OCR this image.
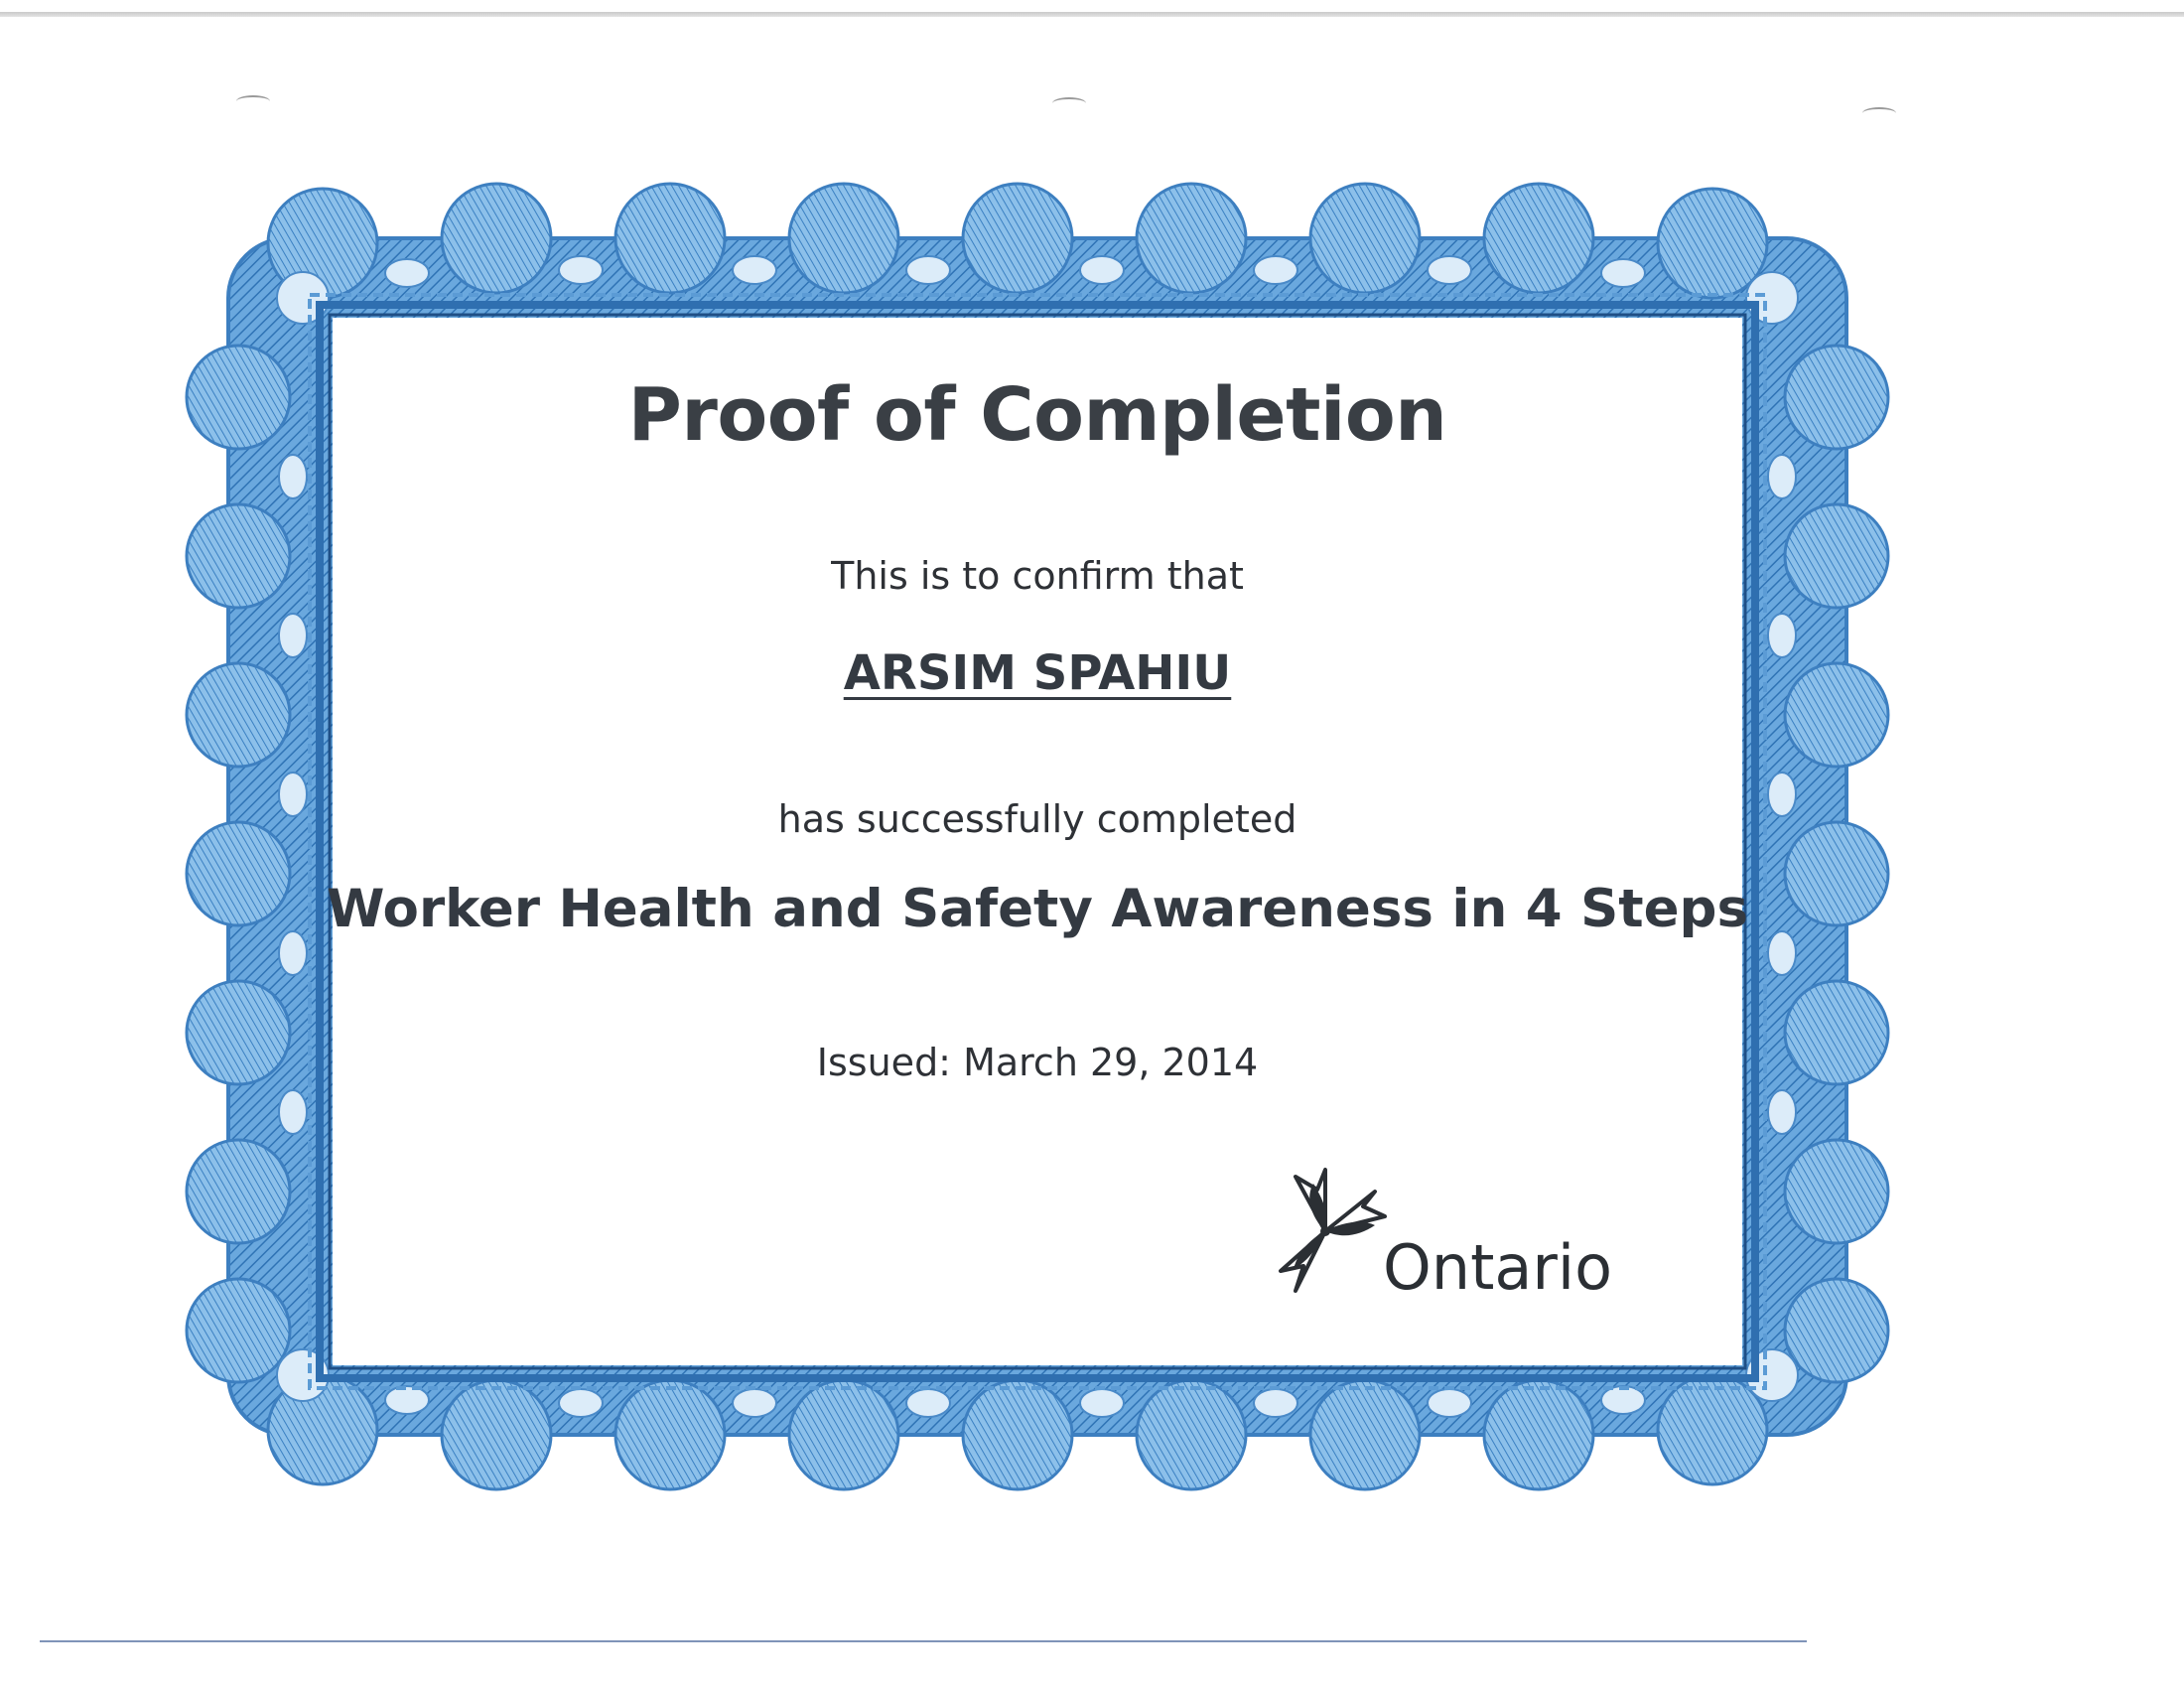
Proof of Completion
This is to confirm that
ARSIM SPAHIU
has successfully completed
Worker Health and Safety Awareness in 4 Steps
Issued: March 29, 2014
Ontario
